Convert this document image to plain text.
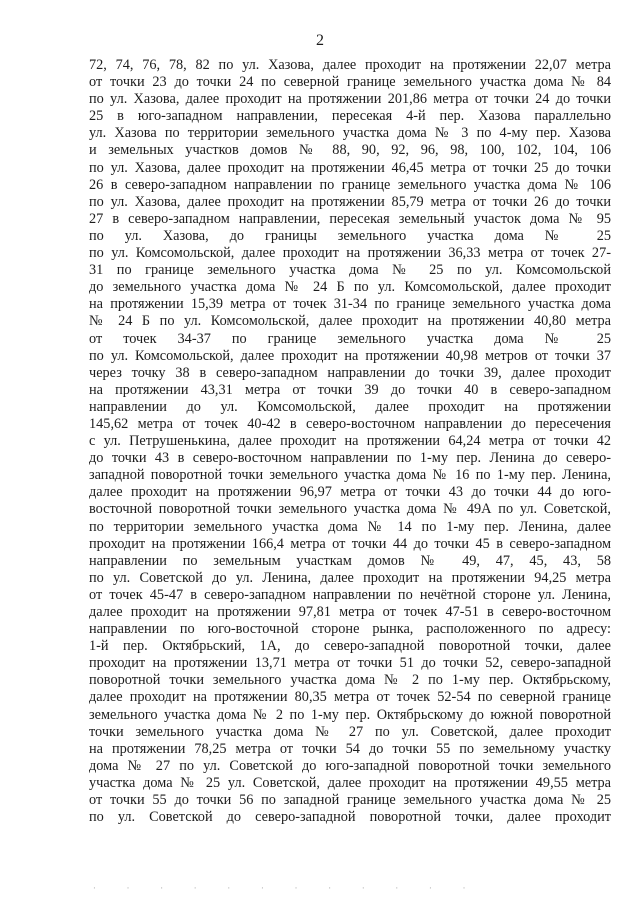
2
72, 74, 76, 78, 82 по ул. Хазова, далее проходит на протяжении 22,07 метра
от точки 23 до точки 24 по северной границе земельного участка дома № 84
по ул. Хазова, далее проходит на протяжении 201,86 метра от точки 24 до точки
25 в юго-западном направлении, пересекая 4-й пер. Хазова параллельно
ул. Хазова по территории земельного участка дома № 3 по 4-му пер. Хазова
и земельных участков домов № 88, 90, 92, 96, 98, 100, 102, 104, 106
по ул. Хазова, далее проходит на протяжении 46,45 метра от точки 25 до точки
26 в северо-западном направлении по границе земельного участка дома № 106
по ул. Хазова, далее проходит на протяжении 85,79 метра от точки 26 до точки
27 в северо-западном направлении, пересекая земельный участок дома № 95
по ул. Хазова, до границы земельного участка дома № 25
по ул. Комсомольской, далее проходит на протяжении 36,33 метра от точек 27-
31 по границе земельного участка дома № 25 по ул. Комсомольской
до земельного участка дома № 24 Б по ул. Комсомольской, далее проходит
на протяжении 15,39 метра от точек 31-34 по границе земельного участка дома
№ 24 Б по ул. Комсомольской, далее проходит на протяжении 40,80 метра
от точек 34-37 по границе земельного участка дома № 25
по ул. Комсомольской, далее проходит на протяжении 40,98 метров от точки 37
через точку 38 в северо-западном направлении до точки 39, далее проходит
на протяжении 43,31 метра от точки 39 до точки 40 в северо-западном
направлении до ул. Комсомольской, далее проходит на протяжении
145,62 метра от точек 40-42 в северо-восточном направлении до пересечения
с ул. Петрушенькина, далее проходит на протяжении 64,24 метра от точки 42
до точки 43 в северо-восточном направлении по 1-му пер. Ленина до северо-
западной поворотной точки земельного участка дома № 16 по 1-му пер. Ленина,
далее проходит на протяжении 96,97 метра от точки 43 до точки 44 до юго-
восточной поворотной точки земельного участка дома № 49А по ул. Советской,
по территории земельного участка дома № 14 по 1-му пер. Ленина, далее
проходит на протяжении 166,4 метра от точки 44 до точки 45 в северо-западном
направлении по земельным участкам домов № 49, 47, 45, 43, 58
по ул. Советской до ул. Ленина, далее проходит на протяжении 94,25 метра
от точек 45-47 в северо-западном направлении по нечётной стороне ул. Ленина,
далее проходит на протяжении 97,81 метра от точек 47-51 в северо-восточном
направлении по юго-восточной стороне рынка, расположенного по адресу:
1-й пер. Октябрьский, 1А, до северо-западной поворотной точки, далее
проходит на протяжении 13,71 метра от точки 51 до точки 52, северо-западной
поворотной точки земельного участка дома № 2 по 1-му пер. Октябрьскому,
далее проходит на протяжении 80,35 метра от точек 52-54 по северной границе
земельного участка дома № 2 по 1-му пер. Октябрьскому до южной поворотной
точки земельного участка дома № 27 по ул. Советской, далее проходит
на протяжении 78,25 метра от точки 54 до точки 55 по земельному участку
дома № 27 по ул. Советской до юго-западной поворотной точки земельного
участка дома № 25 ул. Советской, далее проходит на протяжении 49,55 метра
от точки 55 до точки 56 по западной границе земельного участка дома № 25
по ул. Советской до северо-западной поворотной точки, далее проходит
· · · · · · · · · · · ·
